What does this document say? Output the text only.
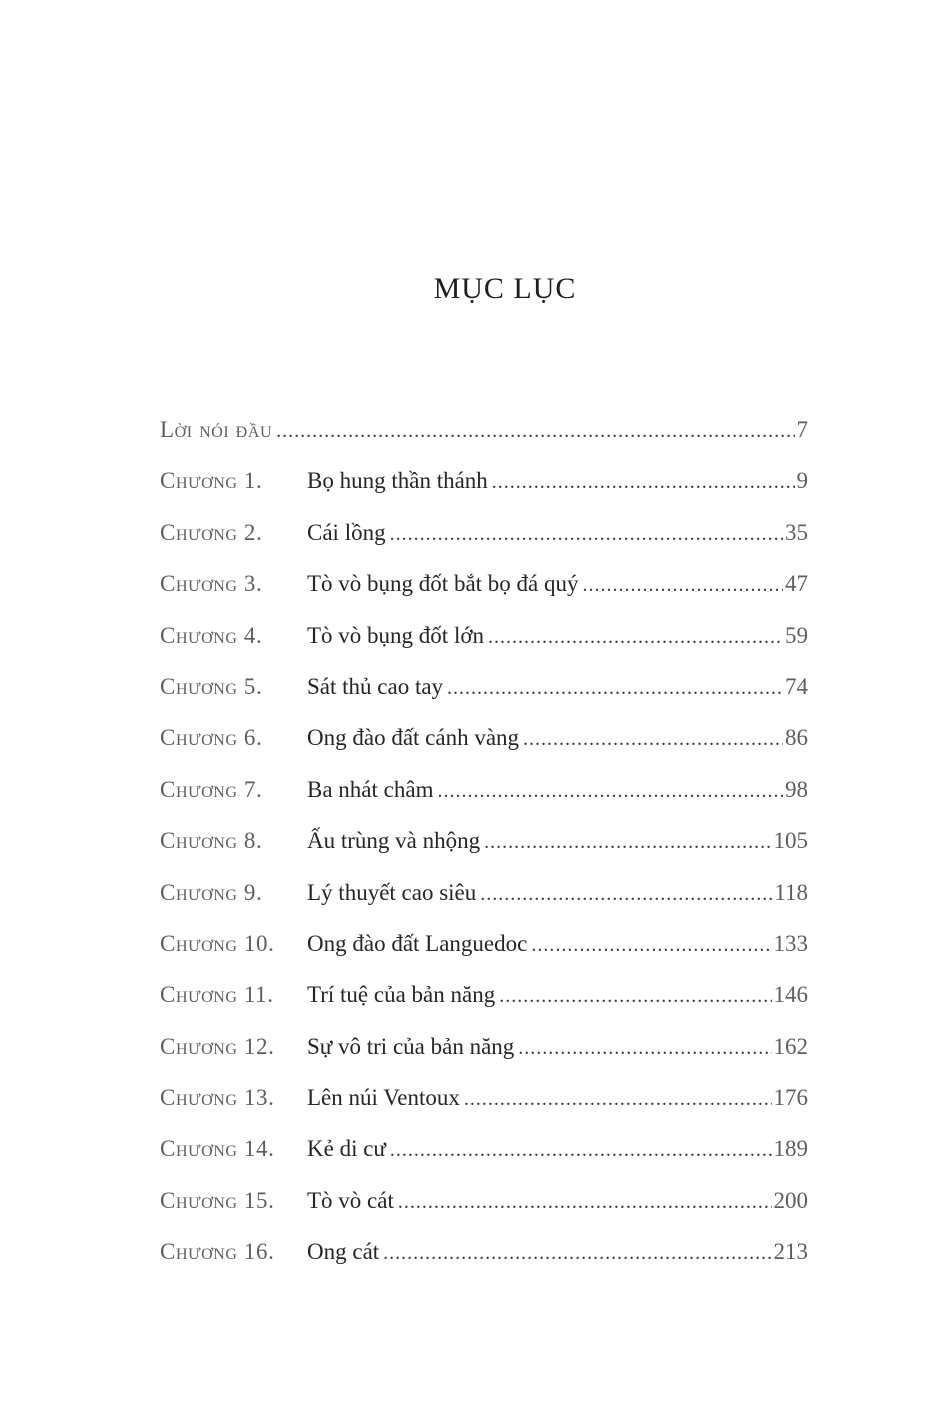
MỤC LỤC
Lời nói đầu .....	7
Chương 1.	Bọ hung thần thánh .....	9
Chương 2.	Cái lồng .....	35
Chương 3.	Tò vò bụng đốt bắt bọ đá quý .....	47
Chương 4.	Tò vò bụng đốt lớn .....	59
Chương 5.	Sát thủ cao tay .....	74
Chương 6.	Ong đào đất cánh vàng .....	86
Chương 7.	Ba nhát châm .....	98
Chương 8.	Ấu trùng và nhộng .....	105
Chương 9.	Lý thuyết cao siêu .....	118
Chương 10.	Ong đào đất Languedoc .....	133
Chương 11.	Trí tuệ của bản năng .....	146
Chương 12.	Sự vô tri của bản năng .....	162
Chương 13.	Lên núi Ventoux .....	176
Chương 14.	Kẻ di cư .....	189
Chương 15.	Tò vò cát .....	200
Chương 16.	Ong cát .....	213
